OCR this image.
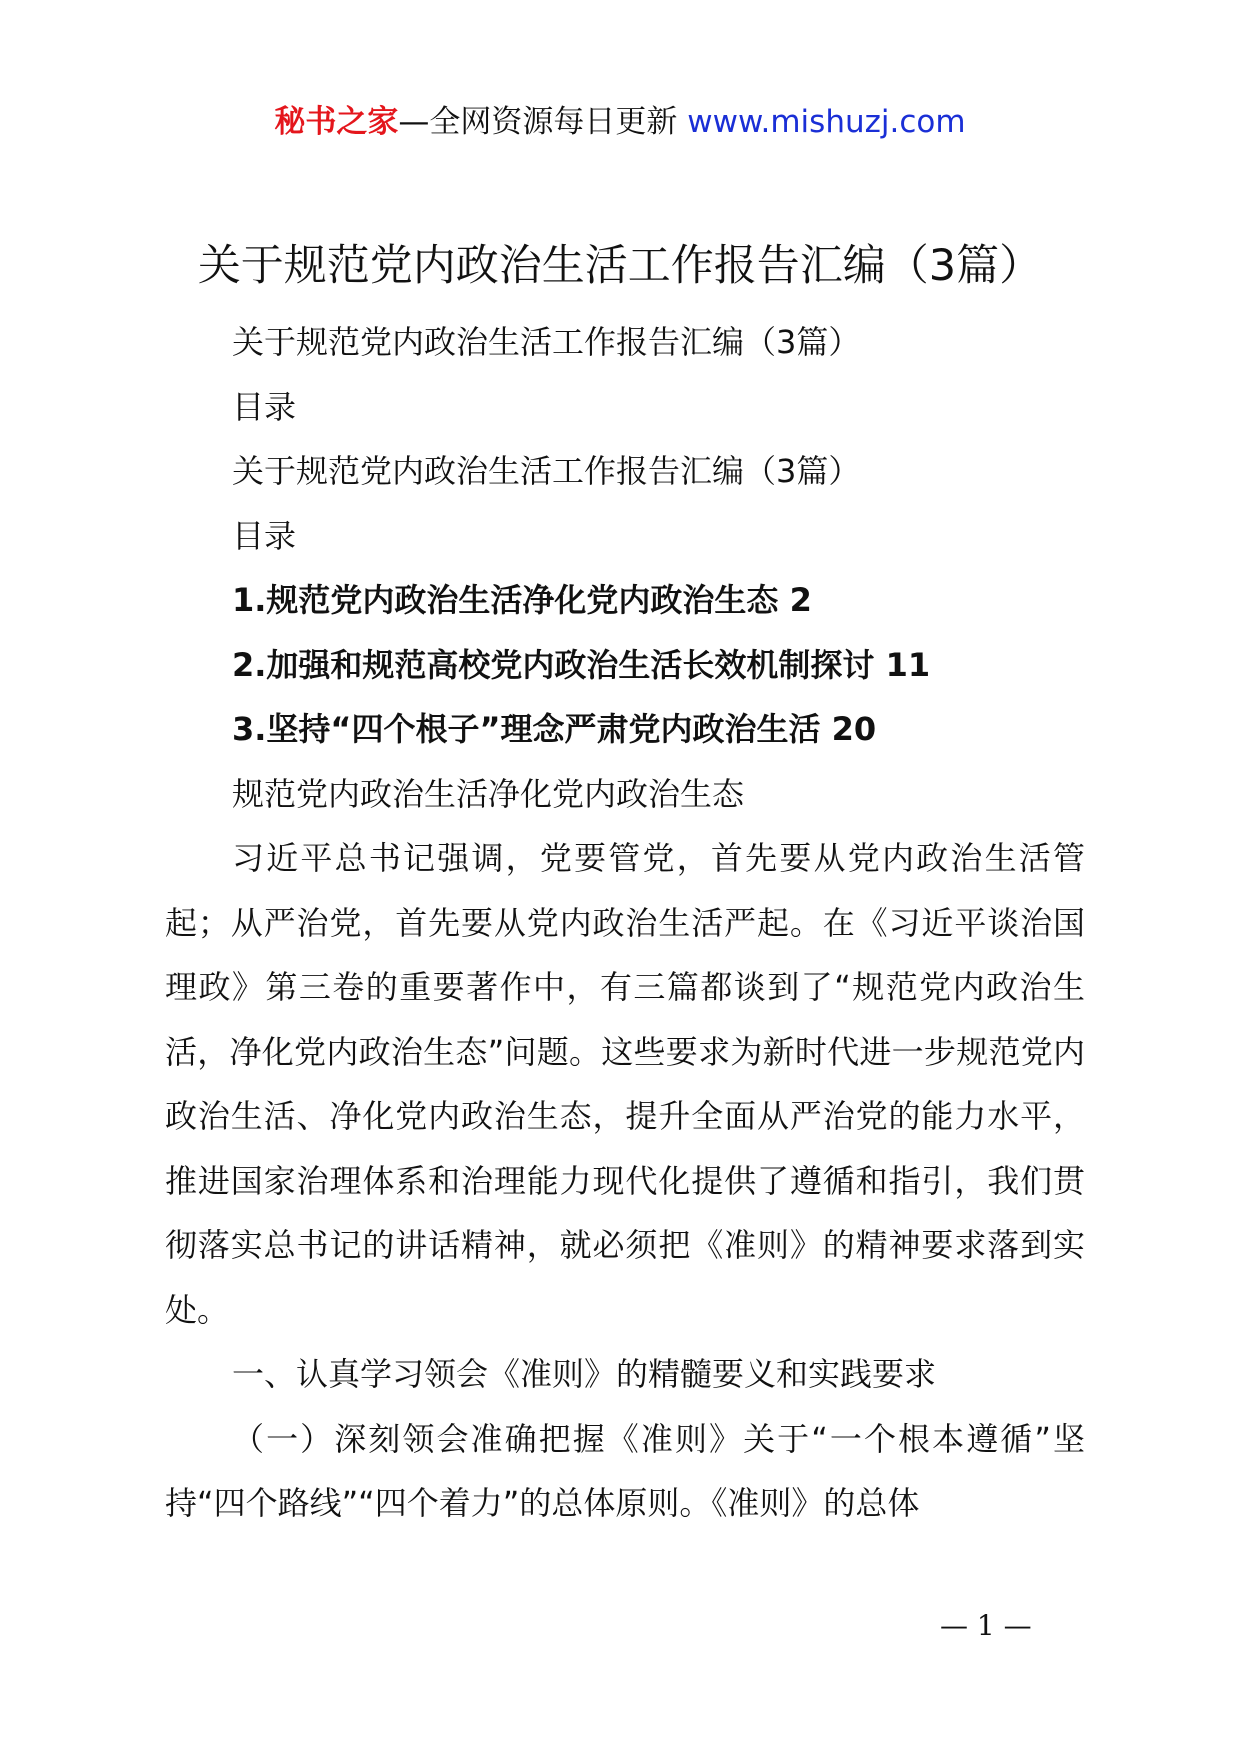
秘书之家—全网资源每日更新 www.mishuzj.com
关于规范党内政治生活工作报告汇编（3篇）

关于规范党内政治生活工作报告汇编（3篇）

目录

关于规范党内政治生活工作报告汇编（3篇）

目录

1.规范党内政治生活净化党内政治生态 2

2.加强和规范高校党内政治生活长效机制探讨 11

3.坚持“四个根子”理念严肃党内政治生活 20

规范党内政治生活净化党内政治生态

习近平总书记强调，党要管党，首先要从党内政治生活管起；从严治党，首先要从党内政治生活严起。在《习近平谈治国理政》第三卷的重要著作中，有三篇都谈到了“规范党内政治生活，净化党内政治生态”问题。这些要求为新时代进一步规范党内政治生活、净化党内政治生态，提升全面从严治党的能力水平，推进国家治理体系和治理能力现代化提供了遵循和指引，我们贯彻落实总书记的讲话精神，就必须把《准则》的精神要求落到实处。

一、认真学习领会《准则》的精髓要义和实践要求

（一）深刻领会准确把握《准则》关于“一个根本遵循”坚持“四个路线”“四个着力”的总体原则。《准则》的总体

— 1 —
